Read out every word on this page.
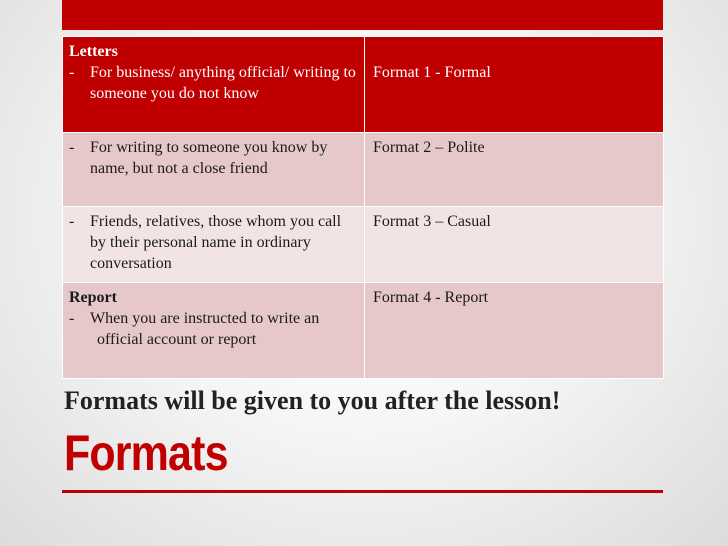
Letters
- For business/ anything official/ writing to someone you do not know	Format 1 - Formal

- For writing to someone you know by name, but not a close friend	Format 2 – Polite

- Friends, relatives, those whom you call by their personal name in ordinary conversation	Format 3 – Casual

Report
- When you are instructed to write an
official account or report	Format 4 - Report
Formats will be given to you after the lesson!
Formats
